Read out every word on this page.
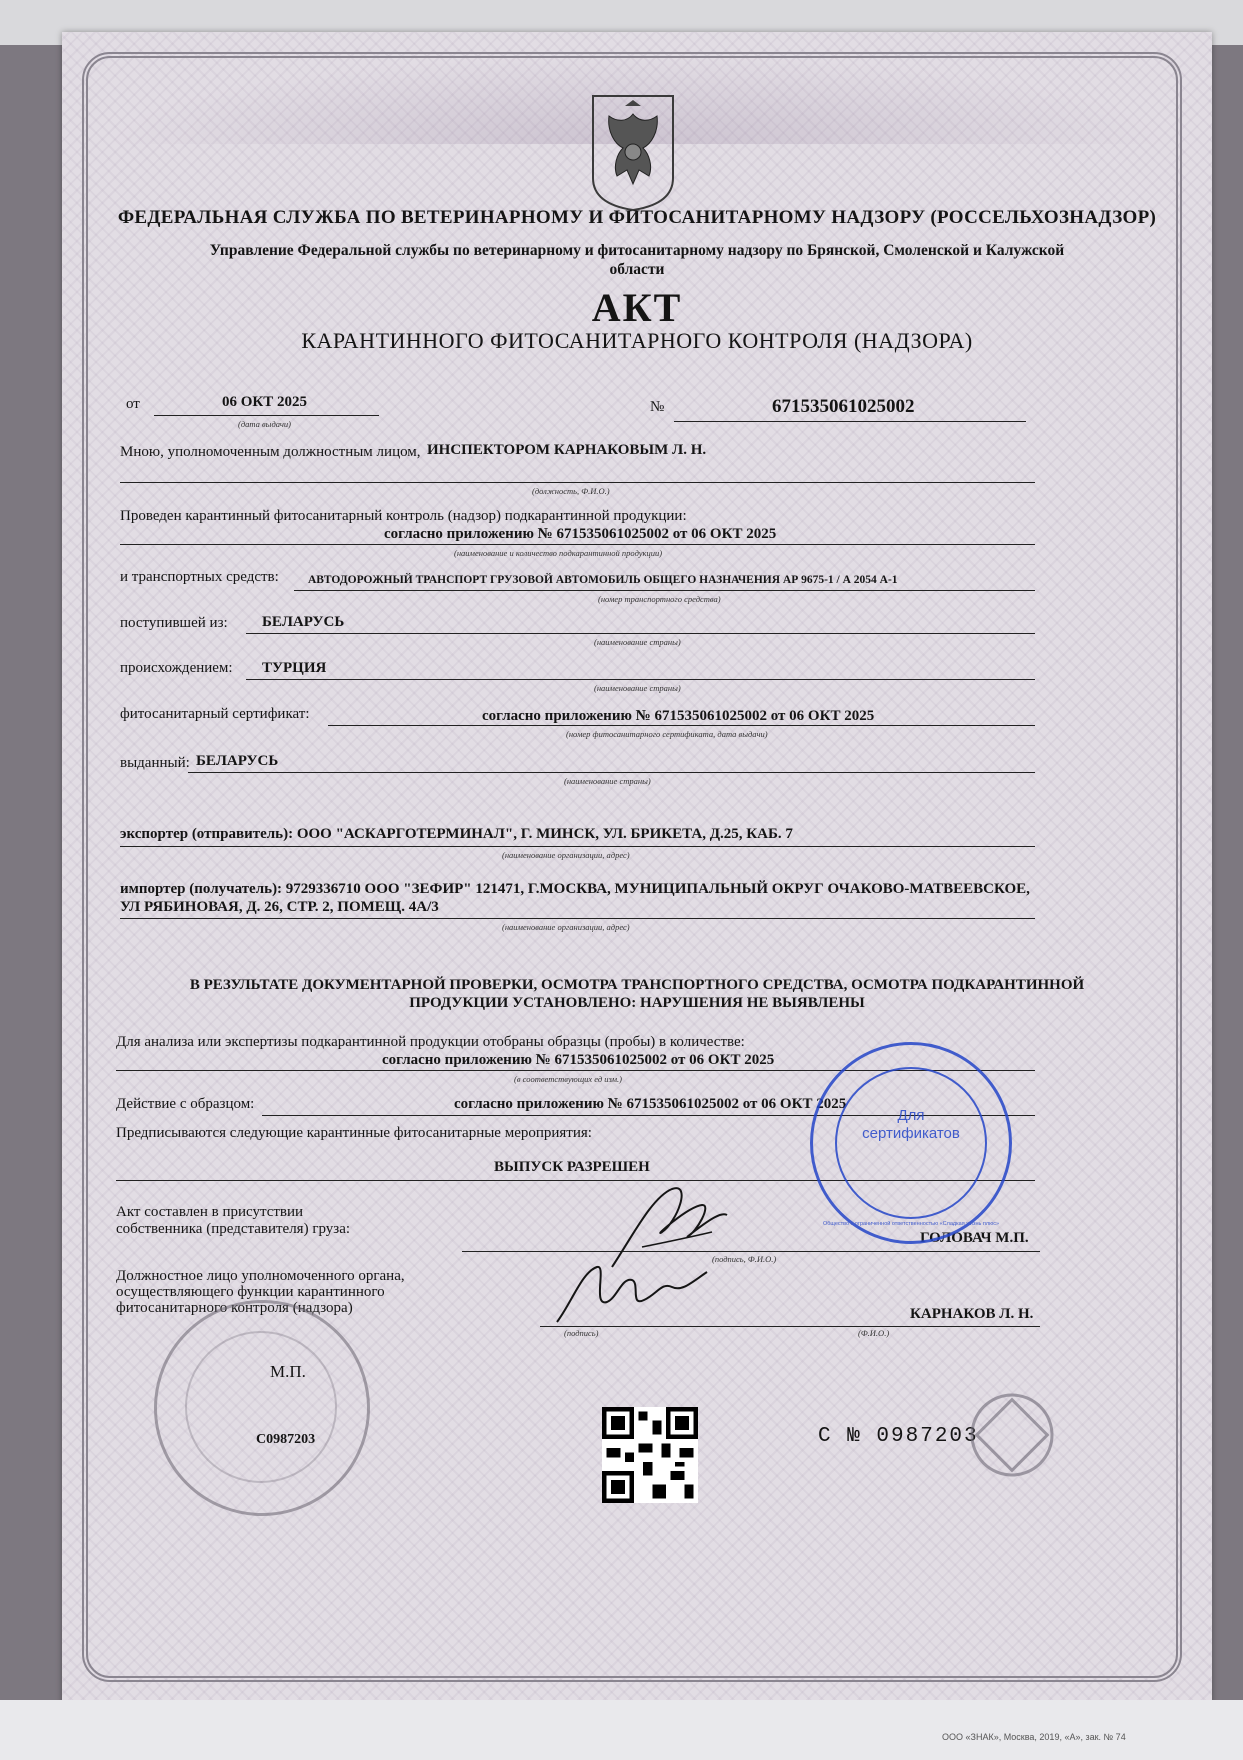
ФЕДЕРАЛЬНАЯ СЛУЖБА ПО ВЕТЕРИНАРНОМУ И ФИТОСАНИТАРНОМУ НАДЗОРУ (РОССЕЛЬХОЗНАДЗОР)
Управление Федеральной службы по ветеринарному и фитосанитарному надзору по Брянской, Смоленской и Калужской
области
АКТ
КАРАНТИННОГО ФИТОСАНИТАРНОГО КОНТРОЛЯ (НАДЗОРА)
от	06 ОКТ 2025
(дата выдачи)
№	671535061025002
Мною, уполномоченным должностным лицом, ИНСПЕКТОРОМ КАРНАКОВЫМ Л. Н.
(должность, Ф.И.О.)
Проведен карантинный фитосанитарный контроль (надзор) подкарантинной продукции:
согласно приложению № 671535061025002 от 06 ОКТ 2025
(наименование и количество подкарантинной продукции)
и транспортных средств:	АВТОДОРОЖНЫЙ ТРАНСПОРТ ГРУЗОВОЙ АВТОМОБИЛЬ ОБЩЕГО НАЗНАЧЕНИЯ АР 9675-1 / А 2054 А-1
(номер транспортного средства)
поступившей из: БЕЛАРУСЬ
(наименование страны)
происхождением: ТУРЦИЯ
(наименование страны)
фитосанитарный сертификат:	согласно приложению № 671535061025002 от 06 ОКТ 2025
(номер фитосанитарного сертификата, дата выдачи)
выданный: БЕЛАРУСЬ
(наименование страны)
экспортер (отправитель): ООО "АСКАРГОТЕРМИНАЛ", Г. МИНСК, УЛ. БРИКЕТА, Д.25, КАБ. 7
(наименование организации, адрес)
импортер (получатель): 9729336710 ООО "ЗЕФИР" 121471, Г.МОСКВА, МУНИЦИПАЛЬНЫЙ ОКРУГ ОЧАКОВО-МАТВЕЕВСКОЕ,
УЛ РЯБИНОВАЯ, Д. 26, СТР. 2, ПОМЕЩ. 4А/3
(наименование организации, адрес)
В РЕЗУЛЬТАТЕ ДОКУМЕНТАРНОЙ ПРОВЕРКИ, ОСМОТРА ТРАНСПОРТНОГО СРЕДСТВА, ОСМОТРА ПОДКАРАНТИННОЙ
ПРОДУКЦИИ УСТАНОВЛЕНО: НАРУШЕНИЯ НЕ ВЫЯВЛЕНЫ
Для анализа или экспертизы подкарантинной продукции отобраны образцы (пробы) в количестве:
согласно приложению № 671535061025002 от 06 ОКТ 2025
(в соответствующих ед изм.)
Действие с образцом:	согласно приложению № 671535061025002 от 06 ОКТ 2025
Предписываются следующие карантинные фитосанитарные мероприятия:
ВЫПУСК РАЗРЕШЕН
Акт составлен в присутствии
собственника (представителя) груза:
ГОЛОВАЧ М.П.
(подпись, Ф.И.О.)
Должностное лицо уполномоченного органа,
осуществляющего функции карантинного
фитосанитарного контроля (надзора)	КАРНАКОВ Л. Н.
(подпись)	(Ф.И.О.)
М.П.
С0987203
Для
сертификатов
Общество с ограниченной ответственностью «Сладкая жизнь плюс»
С № 0987203
ООО «ЗНАК», Москва, 2019, «А», зак. № 74
